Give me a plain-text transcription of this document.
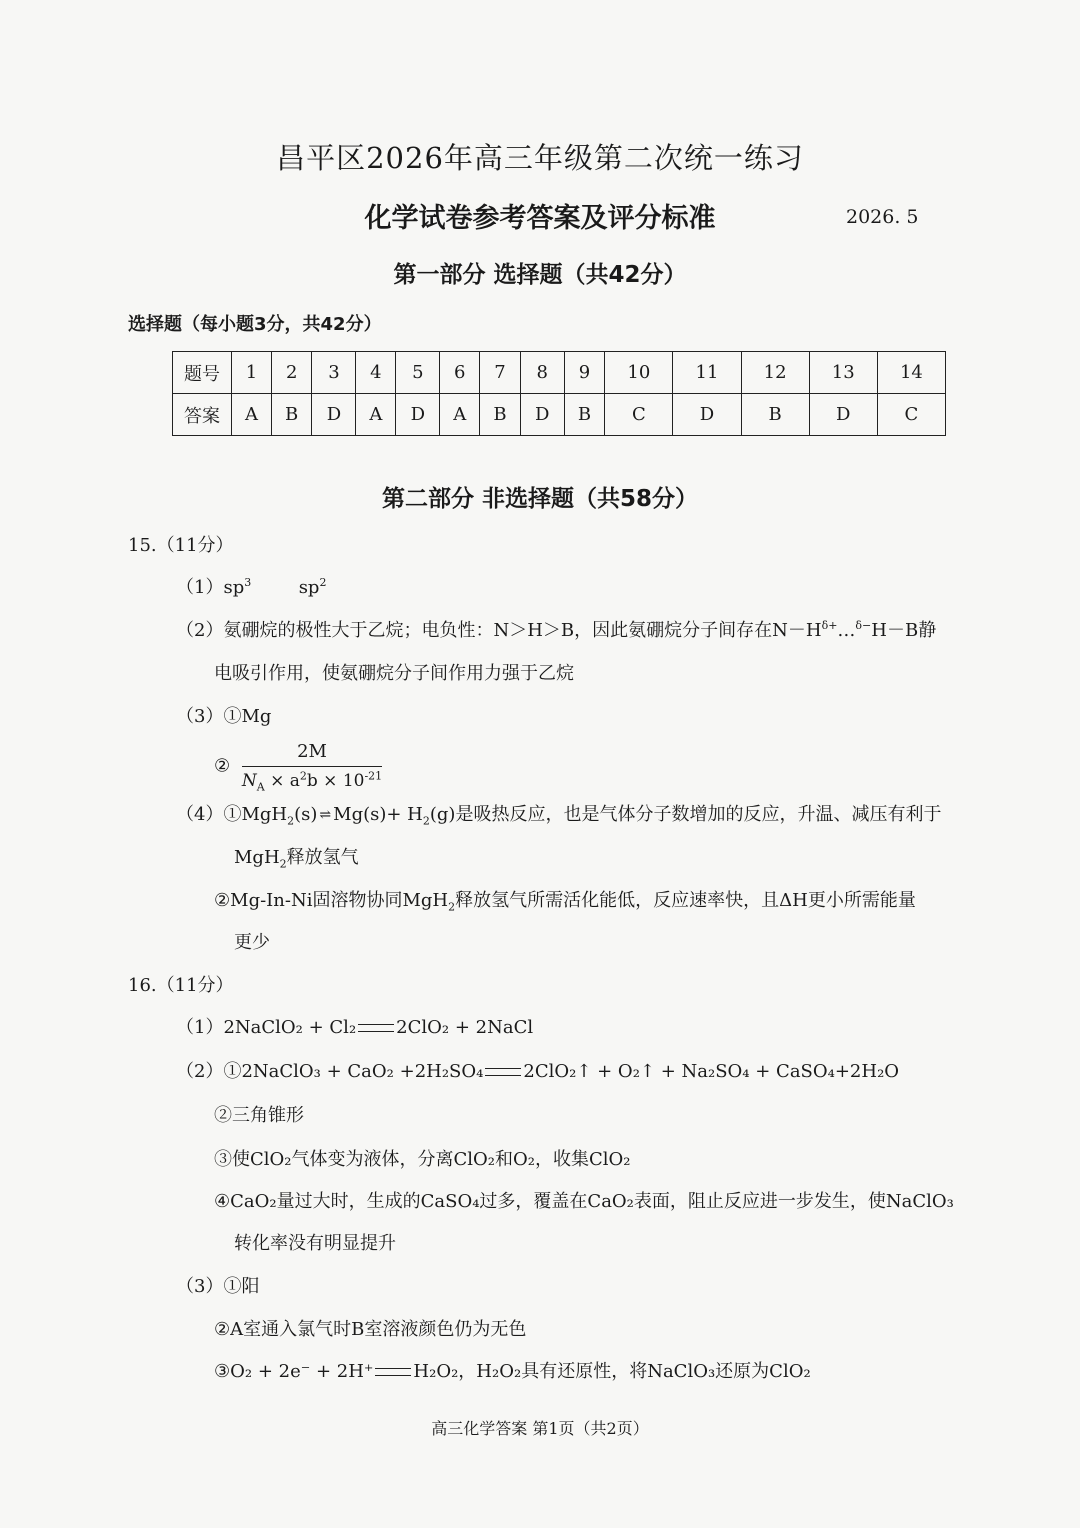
昌平区2026年高三年级第二次统一练习
化学试卷参考答案及评分标准	2026. 5
第一部分 选择题（共42分）
选择题（每小题3分，共42分）
题号	1	2	3	4	5	6	7	8	9	10	11	12	13	14
答案	A	B	D	A	D	A	B	D	B	C	D	B	D	C
第二部分 非选择题（共58分）
15.（11分）
$(1)sp^3$	$sp^2$
（2）氨硼烷的极性大于乙烷；电负性：N＞H＞B，因此氨硼烷分子间存在$N-H^{\delta+}\dots^{\delta-}H-B$静
电吸引作用，使氨硼烷分子间作用力强于乙烷
（3）①Mg
② $\frac{2M}{N_A \times a^2b \times 10^{-21}}$
（4）①MgH$_2$(s) ⇌ $Mg(s)+ H_2(g)$是吸热反应，也是气体分子数增加的反应，升温、减压有利于
MgH$_2$释放氢气
②Mg-In-Ni固溶物协同MgH$_2$释放氢气所需活化能低，反应速率快，且ΔH更小所需能量
更少
16.（11分）
（1）2NaClO₂ + Cl₂ 2ClO₂ + 2NaCl
（2）①2NaClO₃ + CaO₂ +2H₂SO₄ 2ClO₂↑ + O₂↑ + Na₂SO₄ + CaSO₄+2H₂O
②三角锥形
③使ClO₂气体变为液体，分离ClO₂和O₂，收集ClO₂
④CaO₂量过大时，生成的CaSO₄过多，覆盖在CaO₂表面，阻止反应进一步发生，使NaClO₃
转化率没有明显提升
（3）①阳
②A室通入氯气时B室溶液颜色仍为无色
③O₂ + 2e⁻ + 2H⁺ H₂O₂，H₂O₂具有还原性，将NaClO₃还原为ClO₂
高三化学答案 第1页（共2页）
